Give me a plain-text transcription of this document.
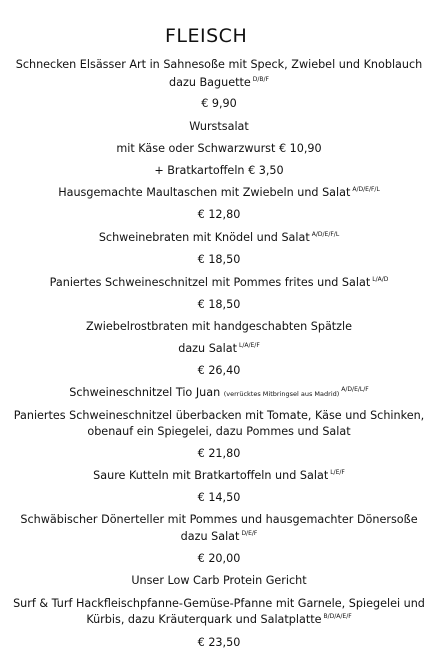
FLEISCH
Schnecken Elsässer Art in Sahnesoße mit Speck, Zwiebel und Knoblauch
dazu Baguette $^{D/B/F}$
€ 9,90
Wurstsalat
mit Käse oder Schwarzwurst € 10,90
+ Bratkartoffeln € 3,50
Hausgemachte Maultaschen mit Zwiebeln und Salat $^{A/D/E/F/L}$
€ 12,80
Schweinebraten mit Knödel und Salat $^{A/D/E/F/L}$
€ 18,50
Paniertes Schweineschnitzel mit Pommes frites und Salat $^{L/A/D}$
€ 18,50
Zwiebelrostbraten mit handgeschabten Spätzle
dazu Salat $^{L/A/E/F}$
€ 26,40
Schweineschnitzel Tio Juan (verrücktes Mitbringsel aus Madrid)$^{A/D/E/L/F}$
Paniertes Schweineschnitzel überbacken mit Tomate, Käse und Schinken,
obenauf ein Spiegelei, dazu Pommes und Salat
€ 21,80
Saure Kutteln mit Bratkartoffeln und Salat $^{L/E/F}$
€ 14,50
Schwäbischer Dönerteller mit Pommes und hausgemachter Dönersoße
dazu Salat $^{D/E/F}$
€ 20,00
Unser Low Carb Protein Gericht
Surf & Turf Hackfleischpfanne-Gemüse-Pfanne mit Garnele, Spiegelei und
Kürbis, dazu Kräuterquark und Salatplatte $^{B/D/A/E/F}$
€ 23,50
